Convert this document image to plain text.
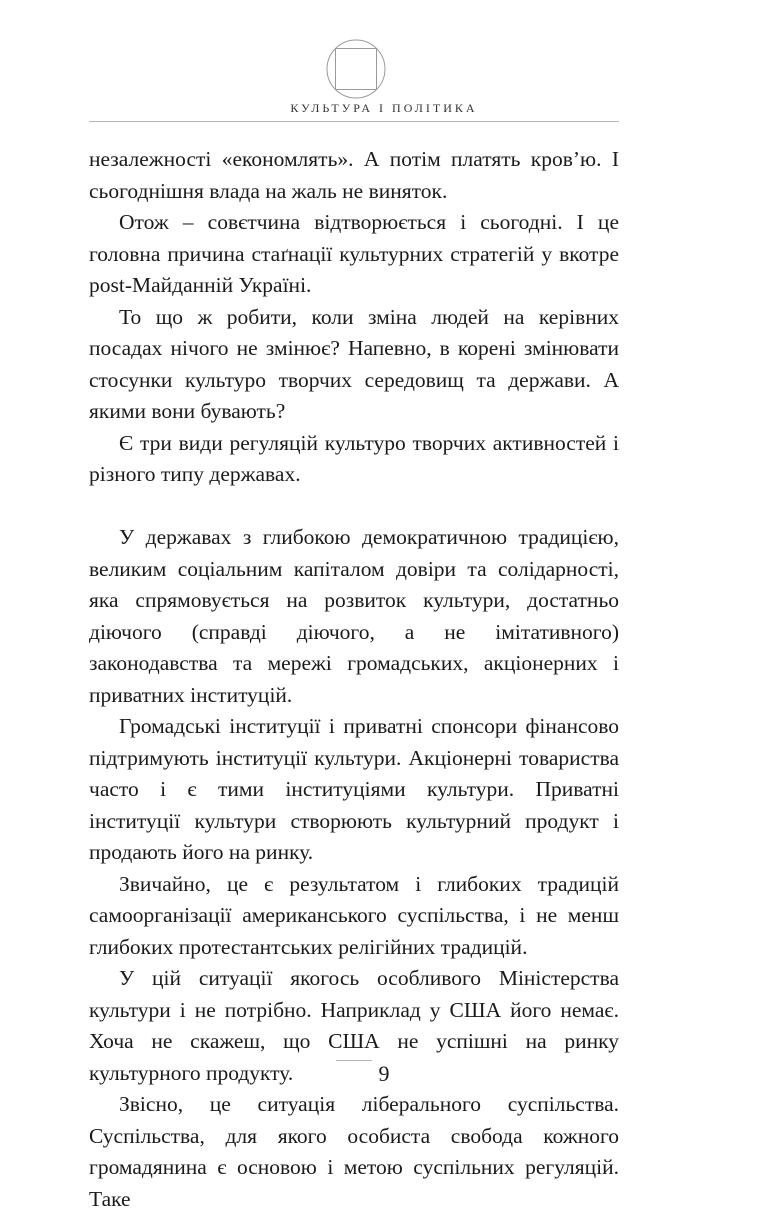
КУЛЬТУРА І ПОЛІТИКА

незалежності «економлять». А потім платять кров’ю. І сьогоднішня влада на жаль не виняток.

Отож – совєтчина відтворюється і сьогодні. І це головна причина стаґнації культурних стратегій у вкотре post-Майданній Україні.

То що ж робити, коли зміна людей на керівних посадах нічого не змінює? Напевно, в корені змінювати стосунки культуро творчих середовищ та держави. А якими вони бувають?

Є три види регуляцій культуро творчих активностей і різного типу державах.

У державах з глибокою демократичною традицією, великим соціальним капіталом довіри та солідарності, яка спрямовується на розвиток культури, достатньо діючого (справді діючого, а не імітативного) законодавства та мережі громадських, акціонерних і приватних інституцій.

Громадські інституції і приватні спонсори фінансово підтримують інституції культури. Акціонерні товариства часто і є тими інституціями культури. Приватні інституції культури створюють культурний продукт і продають його на ринку.

Звичайно, це є результатом і глибоких традицій самоорганізації американського суспільства, і не менш глибоких протестантських релігійних традицій.

У цій ситуації якогось особливого Міністерства культури і не потрібно. Наприклад у США його немає. Хоча не скажеш, що США не успішні на ринку культурного продукту.

Звісно, це ситуація ліберального суспільства. Суспільства, для якого особиста свобода кожного громадянина є основою і метою суспільних регуляцій. Таке

9
